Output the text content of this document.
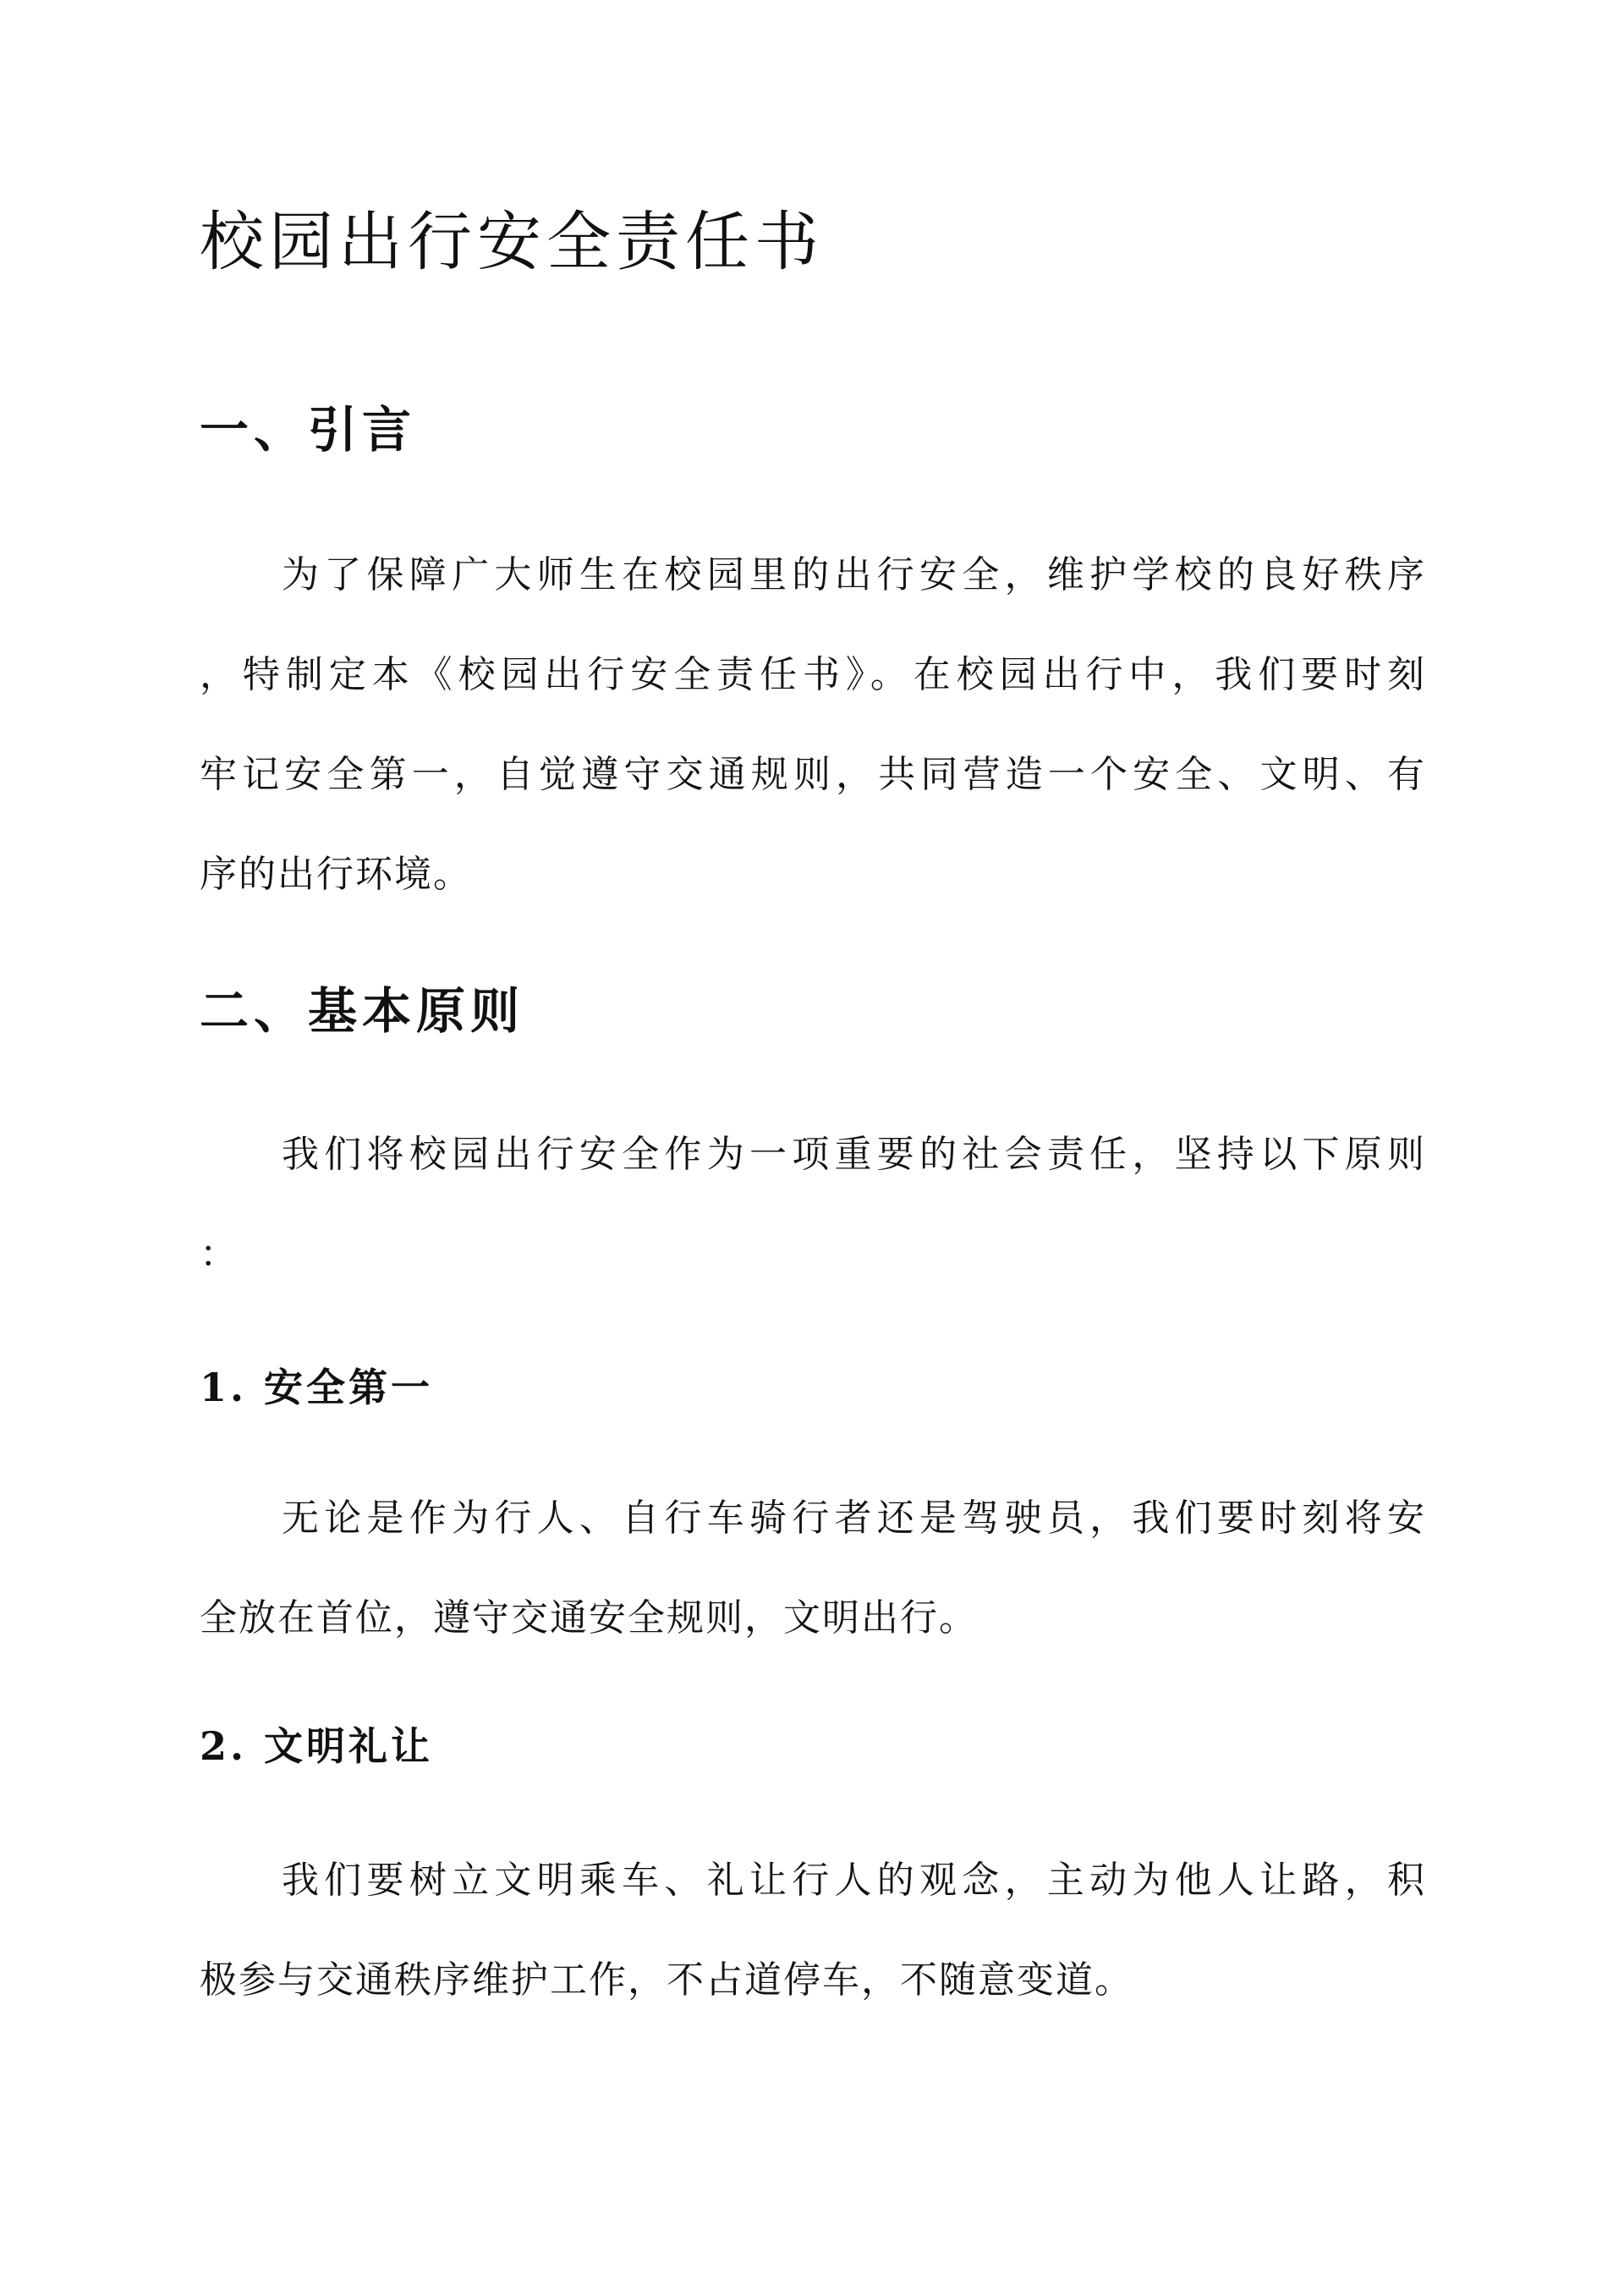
校园出行安全责任书
一、引言
为了保障广大师生在校园里的出行安全，维护学校的良好秩序
，特制定本《校园出行安全责任书》。在校园出行中，我们要时刻
牢记安全第一，自觉遵守交通规则，共同营造一个安全、文明、有
序的出行环境。
二、基本原则
我们将校园出行安全作为一项重要的社会责任，坚持以下原则
：
1. 安全第一
无论是作为行人、自行车骑行者还是驾驶员，我们要时刻将安
全放在首位，遵守交通安全规则，文明出行。
2. 文明礼让
我们要树立文明乘车、礼让行人的观念，主动为他人让路，积
极参与交通秩序维护工作，不占道停车，不随意变道。
